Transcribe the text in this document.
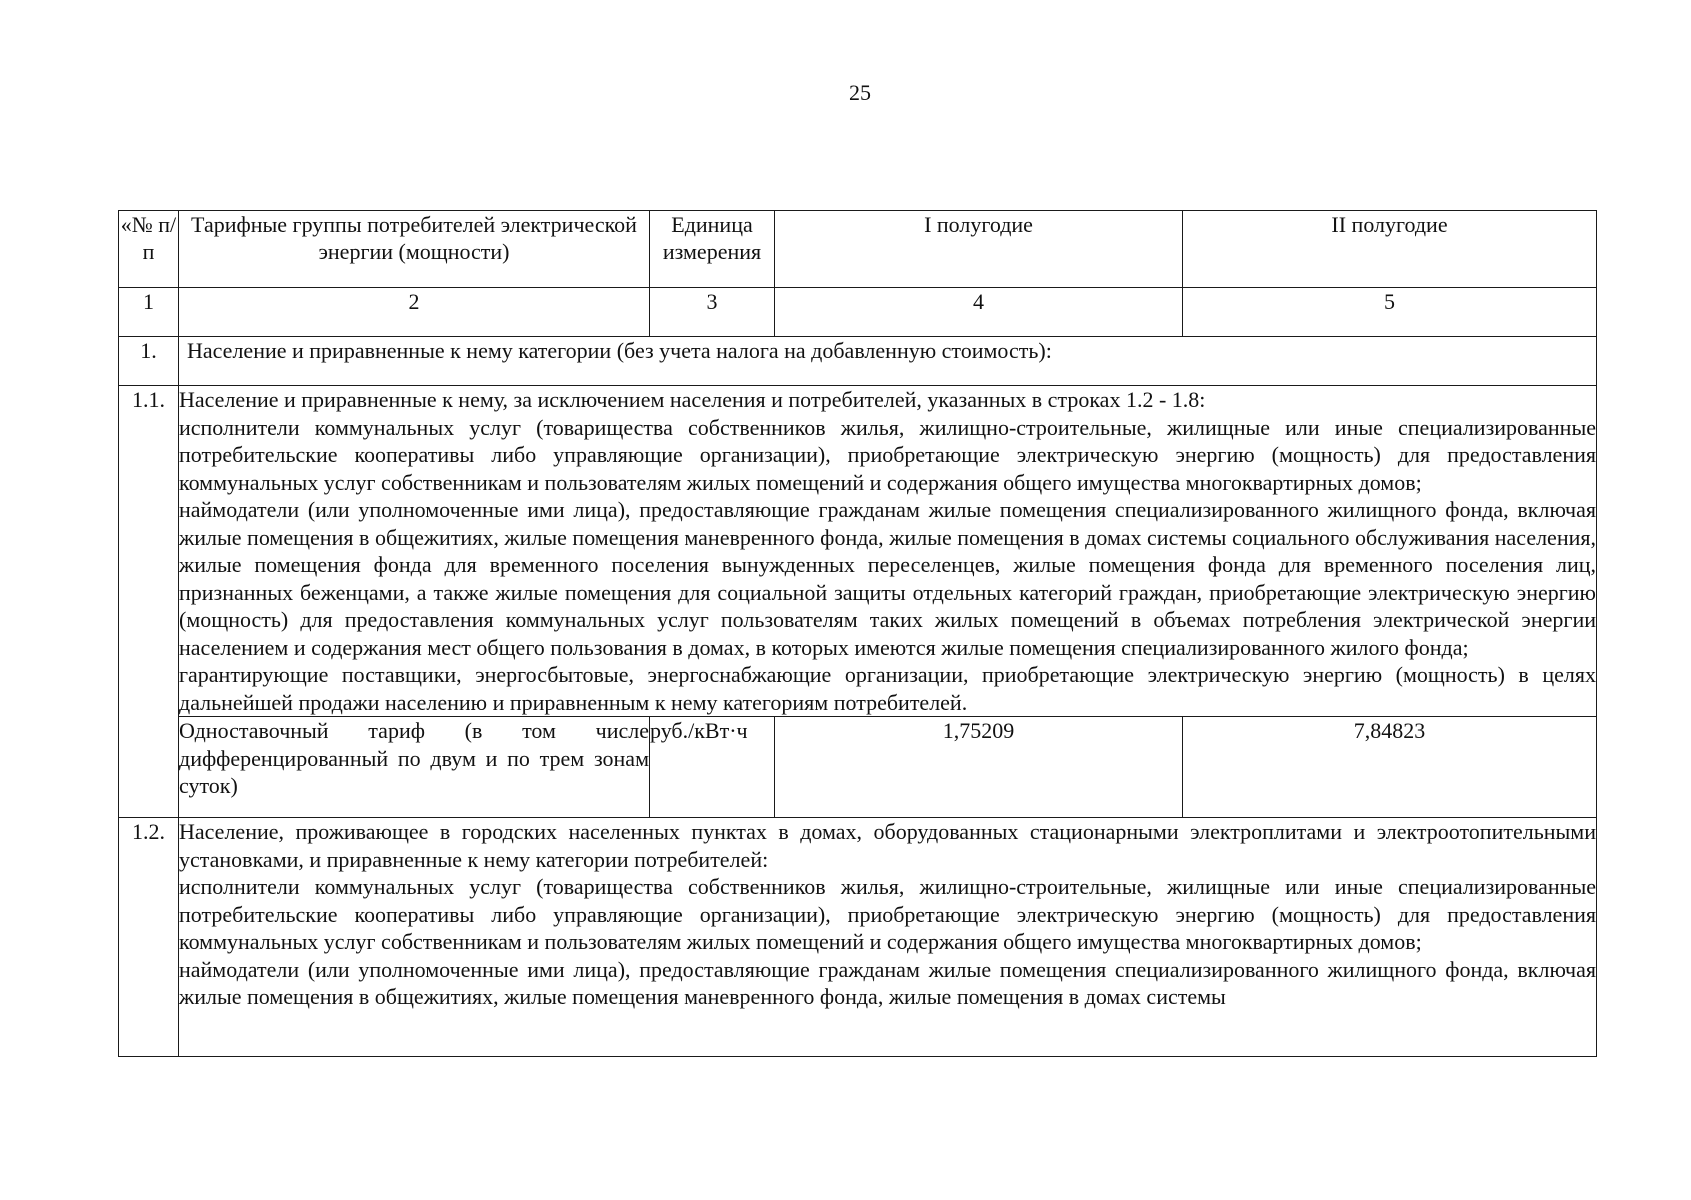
25
«№ п/п	Тарифные группы потребителей электрической энергии (мощности)	Единица измерения	I полугодие	II полугодие
1	2	3	4	5
1.	Население и приравненные к нему категории (без учета налога на добавленную стоимость):			
1.1.	Население и приравненные к нему, за исключением населения и потребителей, указанных в строках 1.2 - 1.8:

исполнители коммунальных услуг (товарищества собственников жилья, жилищно-строительные, жилищные или иные специализированные потребительские кооперативы либо управляющие организации), приобретающие электрическую энергию (мощность) для предоставления коммунальных услуг собственникам и пользователям жилых помещений и содержания общего имущества многоквартирных домов;

наймодатели (или уполномоченные ими лица), предоставляющие гражданам жилые помещения специализированного жилищного фонда, включая жилые помещения в общежитиях, жилые помещения маневренного фонда, жилые помещения в домах системы социального обслуживания населения, жилые помещения фонда для временного поселения вынужденных переселенцев, жилые помещения фонда для временного поселения лиц, признанных беженцами, а также жилые помещения для социальной защиты отдельных категорий граждан, приобретающие электрическую энергию (мощность) для предоставления коммунальных услуг пользователям таких жилых помещений в объемах потребления электрической энергии населением и содержания мест общего пользования в домах, в которых имеются жилые помещения специализированного жилого фонда;

гарантирующие поставщики, энергосбытовые, энергоснабжающие организации, приобретающие электрическую энергию (мощность) в целях дальнейшей продажи населению и приравненным к нему категориям потребителей.			

	Одноставочный тариф (в том числе дифференцированный по двум и по трем зонам суток)	руб./кВт·ч	1,75209	7,84823
1.2.	Население, проживающее в городских населенных пунктах в домах, оборудованных стационарными электроплитами и электроотопительными установками, и приравненные к нему категории потребителей:

исполнители коммунальных услуг (товарищества собственников жилья, жилищно-строительные, жилищные или иные специализированные потребительские кооперативы либо управляющие организации), приобретающие электрическую энергию (мощность) для предоставления коммунальных услуг собственникам и пользователям жилых помещений и содержания общего имущества многоквартирных домов;

наймодатели (или уполномоченные ими лица), предоставляющие гражданам жилые помещения специализированного жилищного фонда, включая жилые помещения в общежитиях, жилые помещения маневренного фонда, жилые помещения в домах системы			
